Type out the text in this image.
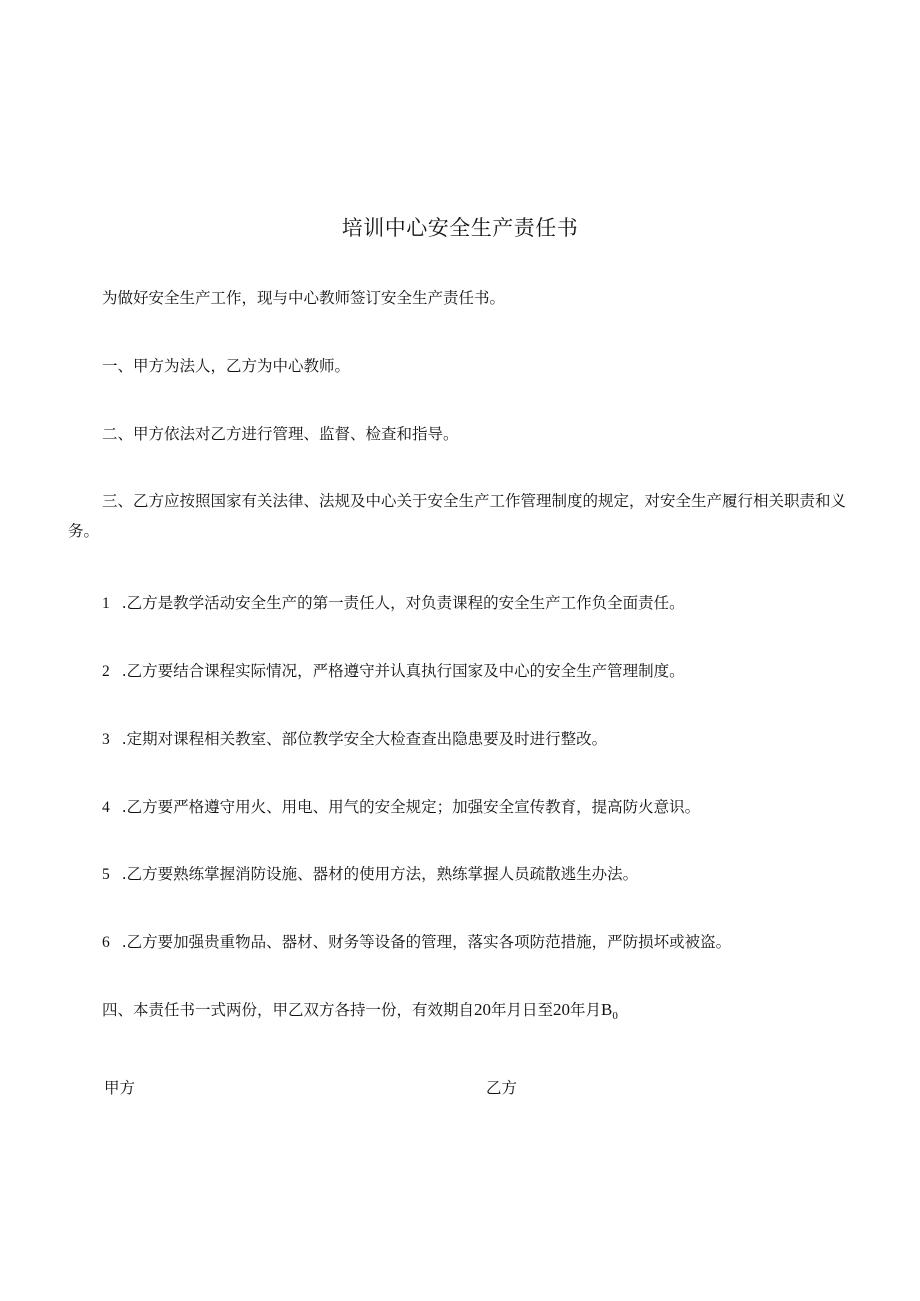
培训中心安全生产责任书
为做好安全生产工作，现与中心教师签订安全生产责任书。
一、甲方为法人，乙方为中心教师。
二、甲方依法对乙方进行管理、监督、检查和指导。
三、乙方应按照国家有关法律、法规及中心关于安全生产工作管理制度的规定，对安全生产履行相关职责和义务。
1 .乙方是教学活动安全生产的第一责任人，对负责课程的安全生产工作负全面责任。
2 .乙方要结合课程实际情况，严格遵守并认真执行国家及中心的安全生产管理制度。
3 .定期对课程相关教室、部位教学安全大检查查出隐患要及时进行整改。
4 .乙方要严格遵守用火、用电、用气的安全规定；加强安全宣传教育，提高防火意识。
5 .乙方要熟练掌握消防设施、器材的使用方法，熟练掌握人员疏散逃生办法。
6 .乙方要加强贵重物品、器材、财务等设备的管理，落实各项防范措施，严防损坏或被盗。
四、本责任书一式两份，甲乙双方各持一份，有效期自20年月日至20年月$B_0$
甲方	乙方
